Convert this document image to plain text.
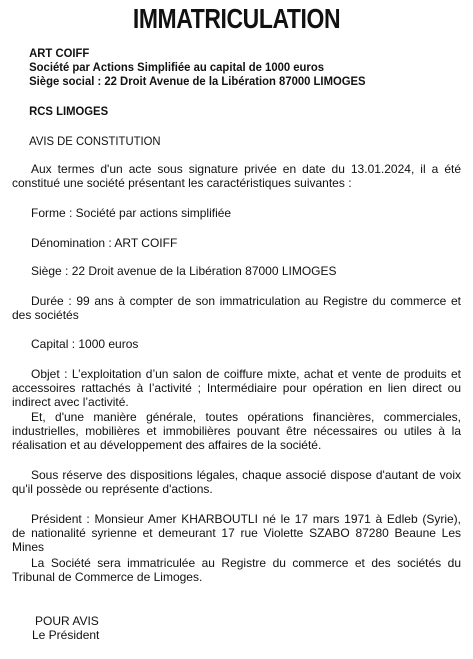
IMMATRICULATION
ART COIFF
Société par Actions Simplifiée au capital de 1000 euros
Siège social : 22 Droit Avenue de la Libération 87000 LIMOGES
RCS LIMOGES
AVIS DE CONSTITUTION

Aux termes d'un acte sous signature privée en date du 13.01.2024, il a été constitué une société présentant les caractéristiques suivantes :

Forme : Société par actions simplifiée

Dénomination : ART COIFF

Siège : 22 Droit avenue de la Libération 87000 LIMOGES

Durée : 99 ans à compter de son immatriculation au Registre du commerce et des sociétés

Capital : 1000 euros

Objet : L’exploitation d’un salon de coiffure mixte, achat et vente de produits et accessoires rattachés à l’activité ; Intermédiaire pour opération en lien direct ou indirect avec l’activité.

Et, d'une manière générale, toutes opérations financières, commerciales, industrielles, mobilières et immobilières pouvant être nécessaires ou utiles à la réalisation et au développement des affaires de la société.

Sous réserve des dispositions légales, chaque associé dispose d'autant de voix qu'il possède ou représente d'actions.

Président : Monsieur Amer KHARBOUTLI né le 17 mars 1971 à Edleb (Syrie), de nationalité syrienne et demeurant 17 rue Violette SZABO 87280 Beaune Les Mines

La Société sera immatriculée au Registre du commerce et des sociétés du Tribunal de Commerce de Limoges.

POUR AVIS
Le Président
